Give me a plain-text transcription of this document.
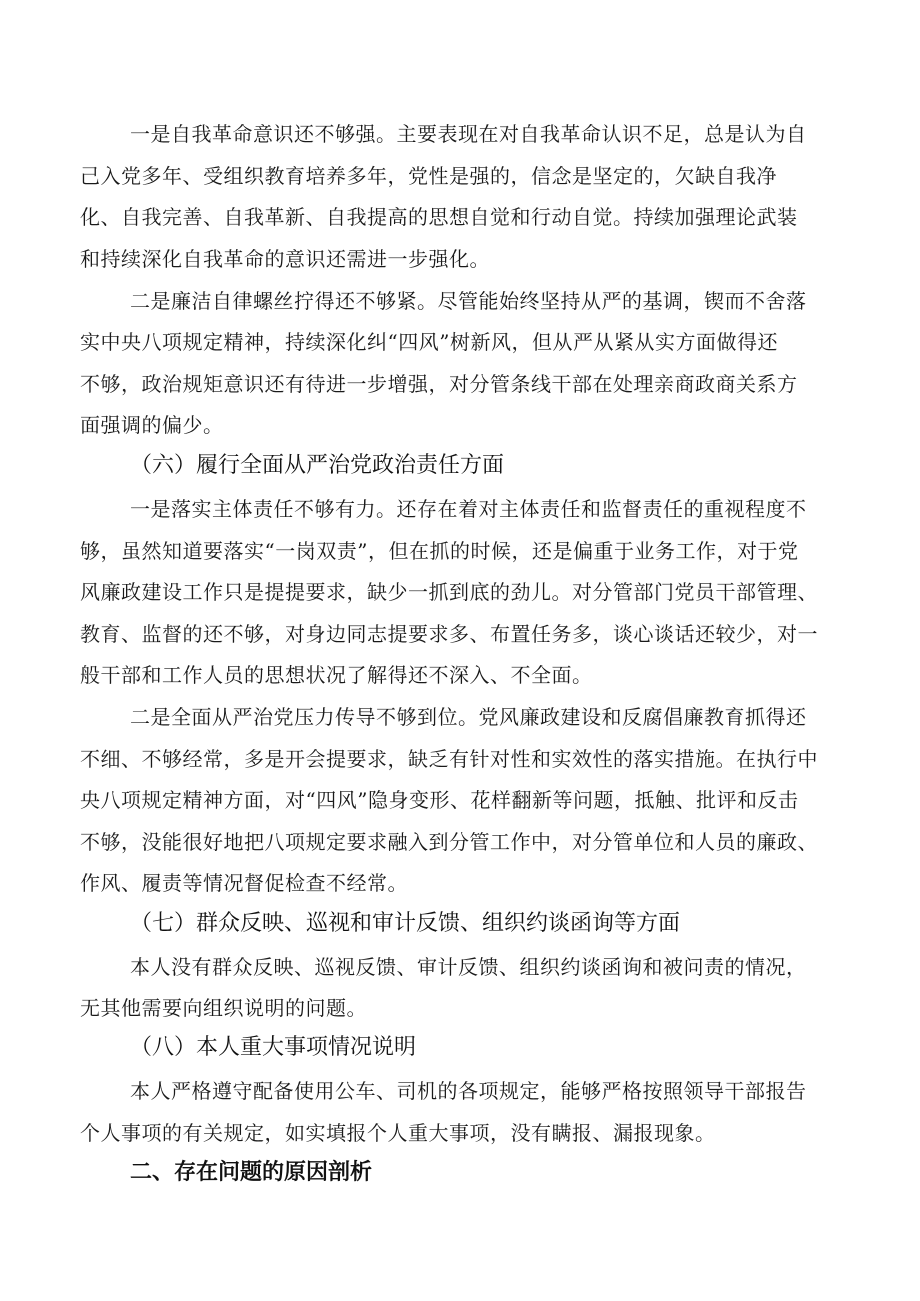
一是自我革命意识还不够强。主要表现在对自我革命认识不足，总是认为自
己入党多年、受组织教育培养多年，党性是强的，信念是坚定的，欠缺自我净
化、自我完善、自我革新、自我提高的思想自觉和行动自觉。持续加强理论武装
和持续深化自我革命的意识还需进一步强化。
二是廉洁自律螺丝拧得还不够紧。尽管能始终坚持从严的基调，锲而不舍落
实中央八项规定精神，持续深化纠“四风”树新风，但从严从紧从实方面做得还
不够，政治规矩意识还有待进一步增强，对分管条线干部在处理亲商政商关系方
面强调的偏少。
（六）履行全面从严治党政治责任方面
一是落实主体责任不够有力。还存在着对主体责任和监督责任的重视程度不
够，虽然知道要落实“一岗双责”，但在抓的时候，还是偏重于业务工作，对于党
风廉政建设工作只是提提要求，缺少一抓到底的劲儿。对分管部门党员干部管理、
教育、监督的还不够，对身边同志提要求多、布置任务多，谈心谈话还较少，对一
般干部和工作人员的思想状况了解得还不深入、不全面。
二是全面从严治党压力传导不够到位。党风廉政建设和反腐倡廉教育抓得还
不细、不够经常，多是开会提要求，缺乏有针对性和实效性的落实措施。在执行中
央八项规定精神方面，对“四风”隐身变形、花样翻新等问题，抵触、批评和反击
不够，没能很好地把八项规定要求融入到分管工作中，对分管单位和人员的廉政、
作风、履责等情况督促检查不经常。
（七）群众反映、巡视和审计反馈、组织约谈函询等方面
本人没有群众反映、巡视反馈、审计反馈、组织约谈函询和被问责的情况，
无其他需要向组织说明的问题。
（八）本人重大事项情况说明
本人严格遵守配备使用公车、司机的各项规定，能够严格按照领导干部报告
个人事项的有关规定，如实填报个人重大事项，没有瞒报、漏报现象。
二、存在问题的原因剖析
